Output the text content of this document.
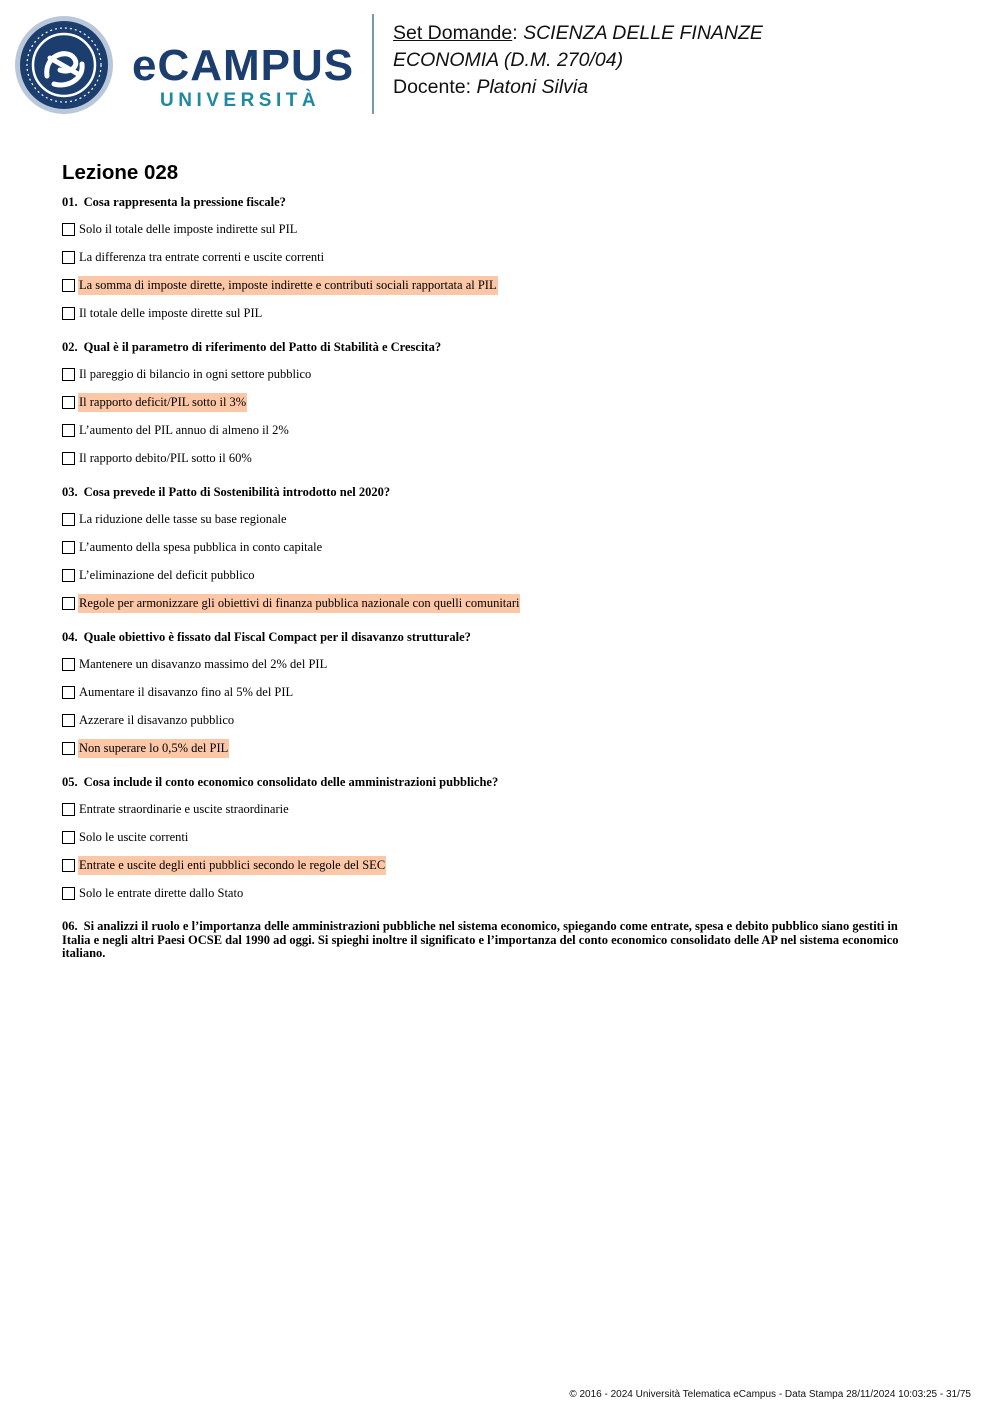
eCAMPUS
UNIVERSITÀ
Set Domande: SCIENZA DELLE FINANZE
ECONOMIA (D.M. 270/04)
Docente: Platoni Silvia
Lezione 028
01. Cosa rappresenta la pressione fiscale?
Solo il totale delle imposte indirette sul PIL
La differenza tra entrate correnti e uscite correnti
La somma di imposte dirette, imposte indirette e contributi sociali rapportata al PIL
Il totale delle imposte dirette sul PIL
02. Qual è il parametro di riferimento del Patto di Stabilità e Crescita?
Il pareggio di bilancio in ogni settore pubblico
Il rapporto deficit/PIL sotto il 3%
L’aumento del PIL annuo di almeno il 2%
Il rapporto debito/PIL sotto il 60%
03. Cosa prevede il Patto di Sostenibilità introdotto nel 2020?
La riduzione delle tasse su base regionale
L’aumento della spesa pubblica in conto capitale
L’eliminazione del deficit pubblico
Regole per armonizzare gli obiettivi di finanza pubblica nazionale con quelli comunitari
04. Quale obiettivo è fissato dal Fiscal Compact per il disavanzo strutturale?
Mantenere un disavanzo massimo del 2% del PIL
Aumentare il disavanzo fino al 5% del PIL
Azzerare il disavanzo pubblico
Non superare lo 0,5% del PIL
05. Cosa include il conto economico consolidato delle amministrazioni pubbliche?
Entrate straordinarie e uscite straordinarie
Solo le uscite correnti
Entrate e uscite degli enti pubblici secondo le regole del SEC
Solo le entrate dirette dallo Stato
06. Si analizzi il ruolo e l’importanza delle amministrazioni pubbliche nel sistema economico, spiegando come entrate, spesa e debito pubblico siano gestiti in Italia e negli altri Paesi OCSE dal 1990 ad oggi. Si spieghi inoltre il significato e l’importanza del conto economico consolidato delle AP nel sistema economico italiano.
© 2016 - 2024 Università Telematica eCampus - Data Stampa 28/11/2024 10:03:25 - 31/75
